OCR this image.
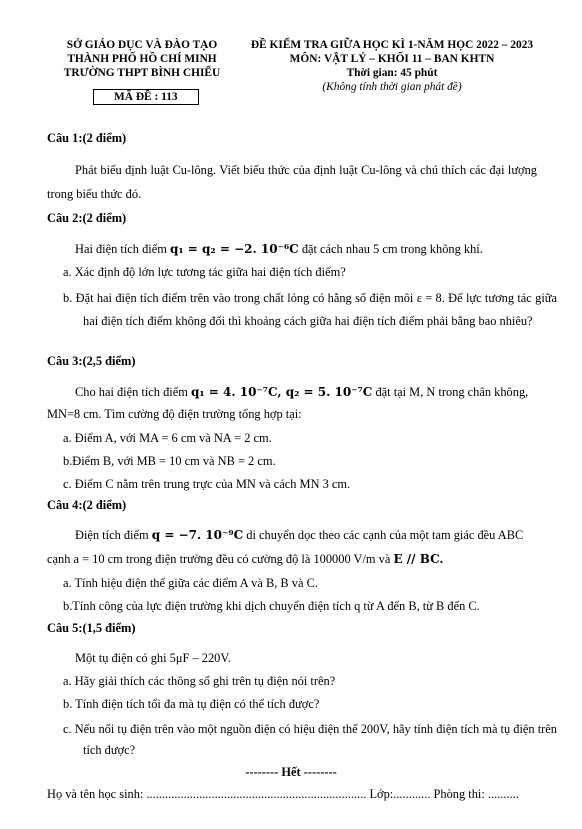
SỞ GIÁO DỤC VÀ ĐÀO TẠO
THÀNH PHỐ HỒ CHÍ MINH
TRƯỜNG THPT BÌNH CHIỂU
MÃ ĐỀ : 113
ĐỀ KIỂM TRA GIỮA HỌC KÌ 1-NĂM HỌC 2022 – 2023
MÔN: VẬT LÝ – KHỐI 11 – BAN KHTN
Thời gian: 45 phút
(Không tính thời gian phát đề)
Câu 1:(2 điểm)
Phát biểu định luật Cu-lông. Viết biểu thức của định luật Cu-lông và chú thích các đại lượng trong biểu thức đó.
Câu 2:(2 điểm)
Hai điện tích điểm q₁ = q₂ = −2. 10⁻⁶C đặt cách nhau 5 cm trong không khí.
a. Xác định độ lớn lực tương tác giữa hai điện tích điểm?
b. Đặt hai điện tích điểm trên vào trong chất lỏng có hằng số điện môi ε = 8. Để lực tương tác giữa hai điện tích điểm không đổi thì khoảng cách giữa hai điện tích điểm phải bằng bao nhiêu?
Câu 3:(2,5 điểm)
Cho hai điện tích điểm q₁ = 4. 10⁻⁷C, q₂ = 5. 10⁻⁷C đặt tại M, N trong chân không,
MN=8 cm. Tìm cường độ điện trường tổng hợp tại:
a. Điểm A, với MA = 6 cm và NA = 2 cm.
b.Điểm B, với MB = 10 cm và NB = 2 cm.
c. Điểm C nằm trên trung trực của MN và cách MN 3 cm.
Câu 4:(2 điểm)
Điện tích điểm q = −7. 10⁻⁹C di chuyển dọc theo các cạnh của một tam giác đều ABC
cạnh a = 10 cm trong điện trường đều có cường độ là 100000 V/m và E // BC.
a. Tính hiệu điện thế giữa các điểm A và B, B và C.
b.Tính công của lực điện trường khi dịch chuyển điện tích q từ A đến B, từ B đến C.
Câu 5:(1,5 điểm)
Một tụ điện có ghi 5μF – 220V.
a. Hãy giải thích các thông số ghi trên tụ điện nói trên?
b. Tính điện tích tối đa mà tụ điện có thể tích được?
c. Nếu nối tụ điện trên vào một nguồn điện có hiệu điện thế 200V, hãy tính điện tích mà tụ điện trên tích được?
-------- Hết --------
Họ và tên học sinh: ....................................................................... Lớp:............ Phòng thi: ..........
